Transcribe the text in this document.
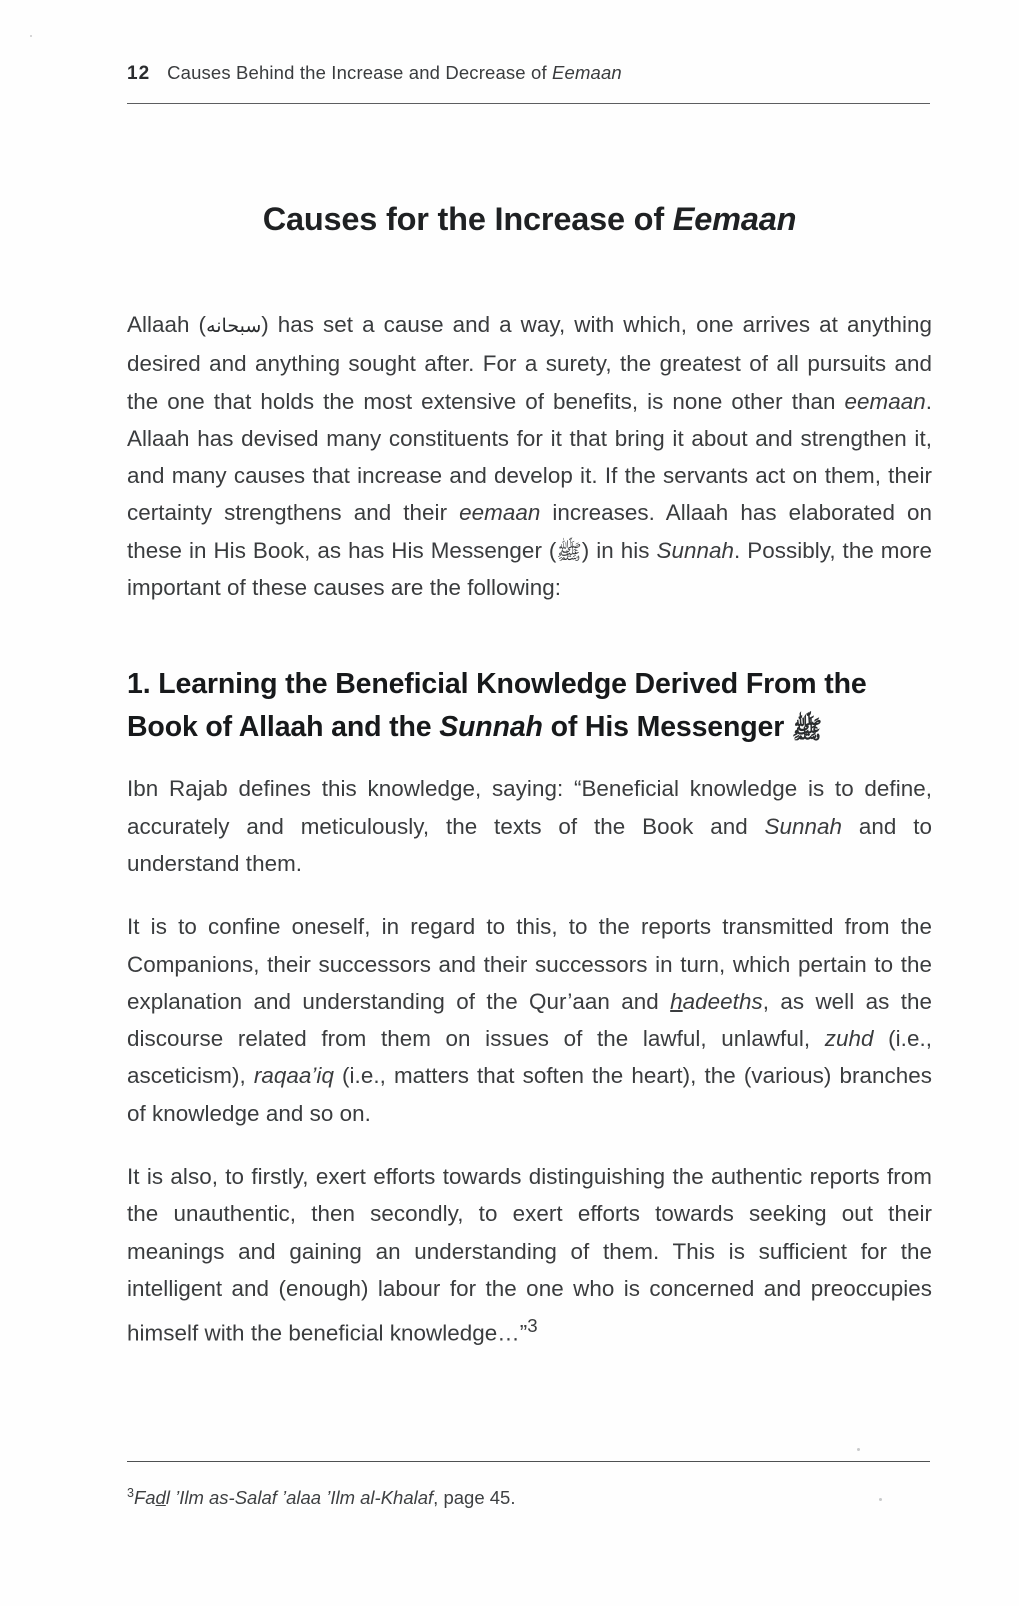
12 Causes Behind the Increase and Decrease of Eemaan
Causes for the Increase of Eemaan

Allaah (سبحانه) has set a cause and a way, with which, one arrives at anything desired and anything sought after. For a surety, the greatest of all pursuits and the one that holds the most extensive of benefits, is none other than eemaan. Allaah has devised many constituents for it that bring it about and strengthen it, and many causes that increase and develop it. If the servants act on them, their certainty strengthens and their eemaan increases. Allaah has elaborated on these in His Book, as has His Messenger (ﷺ) in his Sunnah. Possibly, the more important of these causes are the following:

1. Learning the Beneficial Knowledge Derived From the Book of Allaah and the Sunnah of His Messenger ﷺ

Ibn Rajab defines this knowledge, saying: “Beneficial knowledge is to define, accurately and meticulously, the texts of the Book and Sunnah and to understand them.

It is to confine oneself, in regard to this, to the reports transmitted from the Companions, their successors and their successors in turn, which pertain to the explanation and understanding of the Qur’aan and hadeeths, as well as the discourse related from them on issues of the lawful, unlawful, zuhd (i.e., asceticism), raqaa’iq (i.e., matters that soften the heart), the (various) branches of knowledge and so on.

It is also, to firstly, exert efforts towards distinguishing the authentic reports from the unauthentic, then secondly, to exert efforts towards seeking out their meanings and gaining an understanding of them. This is sufficient for the intelligent and (enough) labour for the one who is concerned and preoccupies himself with the beneficial knowledge…”$^3$

$^3$Fadl ’Ilm as-Salaf ’alaa ’Ilm al-Khalaf, page 45.
